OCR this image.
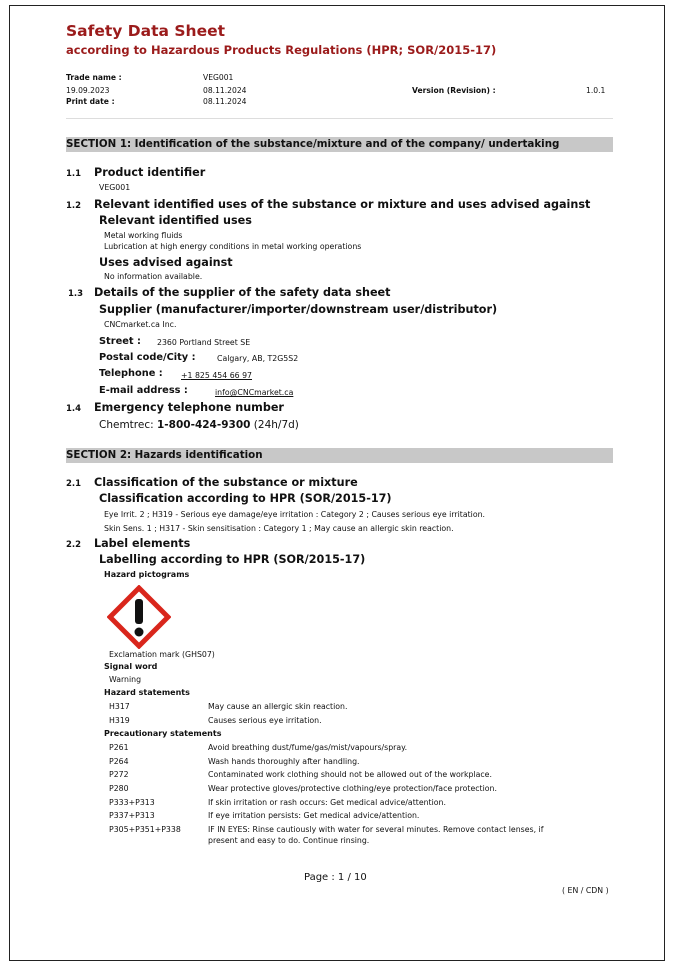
Safety Data Sheet
according to Hazardous Products Regulations (HPR; SOR/2015-17)
Trade name :	VEG001
19.09.2023	08.11.2024	Version (Revision) :	1.0.1
Print date :	08.11.2024
SECTION 1: Identification of the substance/mixture and of the company/ undertaking
1.1 Product identifier
VEG001
1.2 Relevant identified uses of the substance or mixture and uses advised against
Relevant identified uses
Metal working fluids
Lubrication at high energy conditions in metal working operations
Uses advised against
No information available.
1.3 Details of the supplier of the safety data sheet
Supplier (manufacturer/importer/downstream user/distributor)
CNCmarket.ca Inc.
Street : 2360 Portland Street SE
Postal code/City :	Calgary, AB, T2G5S2
Telephone : +1 825 454 66 97
E-mail address :	info@CNCmarket.ca
1.4 Emergency telephone number
Chemtrec: 1-800-424-9300 (24h/7d)
SECTION 2: Hazards identification
2.1 Classification of the substance or mixture
Classification according to HPR (SOR/2015-17)
Eye Irrit. 2 ; H319 - Serious eye damage/eye irritation : Category 2 ; Causes serious eye irritation.
Skin Sens. 1 ; H317 - Skin sensitisation : Category 1 ; May cause an allergic skin reaction.
2.2 Label elements
Labelling according to HPR (SOR/2015-17)
Hazard pictograms
Exclamation mark (GHS07)
Signal word
Warning
Hazard statements
H317	May cause an allergic skin reaction.
H319	Causes serious eye irritation.
Precautionary statements
P261	Avoid breathing dust/fume/gas/mist/vapours/spray.
P264	Wash hands thoroughly after handling.
P272	Contaminated work clothing should not be allowed out of the workplace.
P280	Wear protective gloves/protective clothing/eye protection/face protection.
P333+P313	If skin irritation or rash occurs: Get medical advice/attention.
P337+P313	If eye irritation persists: Get medical advice/attention.
P305+P351+P338	IF IN EYES: Rinse cautiously with water for several minutes. Remove contact lenses, if
present and easy to do. Continue rinsing.
Page : 1 / 10
( EN / CDN )
